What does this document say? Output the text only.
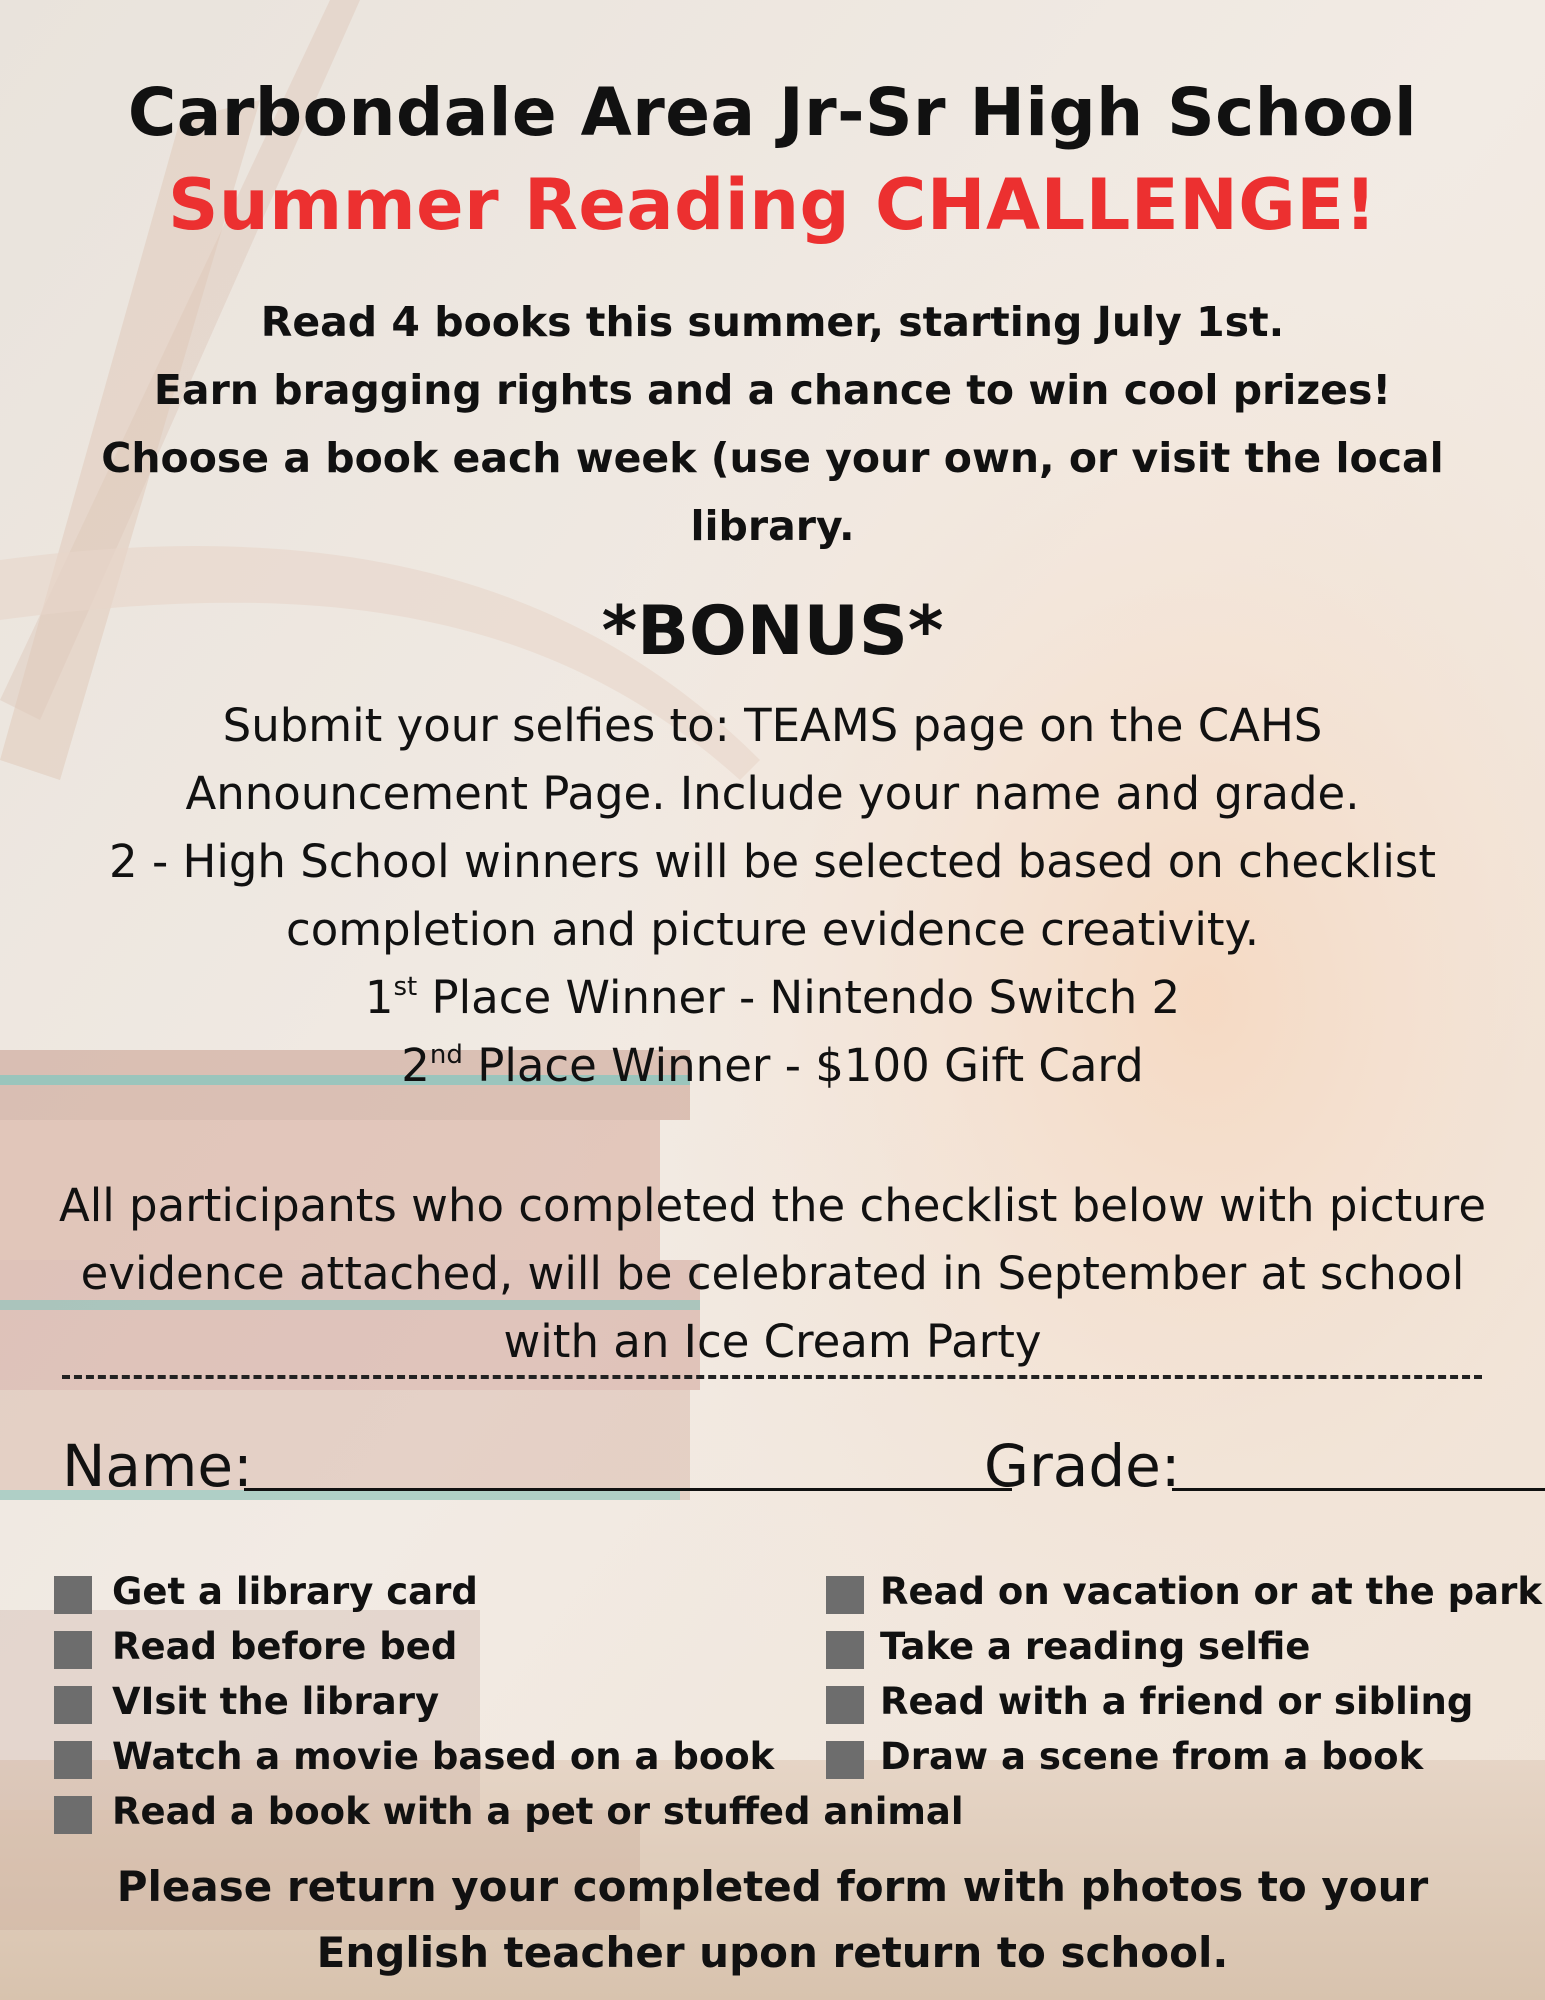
Carbondale Area Jr-Sr High School
Summer Reading CHALLENGE!

Read 4 books this summer, starting July 1st.

Earn bragging rights and a chance to win cool prizes!

Choose a book each week (use your own, or visit the local library.

*BONUS*

Submit your selfies to: TEAMS page on the CAHS Announcement Page. Include your name and grade.

2 - High School winners will be selected based on checklist completion and picture evidence creativity.

1st Place Winner - Nintendo Switch 2

2nd Place Winner - $100 Gift Card

All participants who completed the checklist below with picture evidence attached, will be celebrated in September at school with an Ice Cream Party

Name:	Grade:
Get a library card
Read before bed
VIsit the library
Watch a movie based on a book
Read a book with a pet or stuffed animal
Read on vacation or at the park
Take a reading selfie
Read with a friend or sibling
Draw a scene from a book

Please return your completed form with photos to your English teacher upon return to school.
